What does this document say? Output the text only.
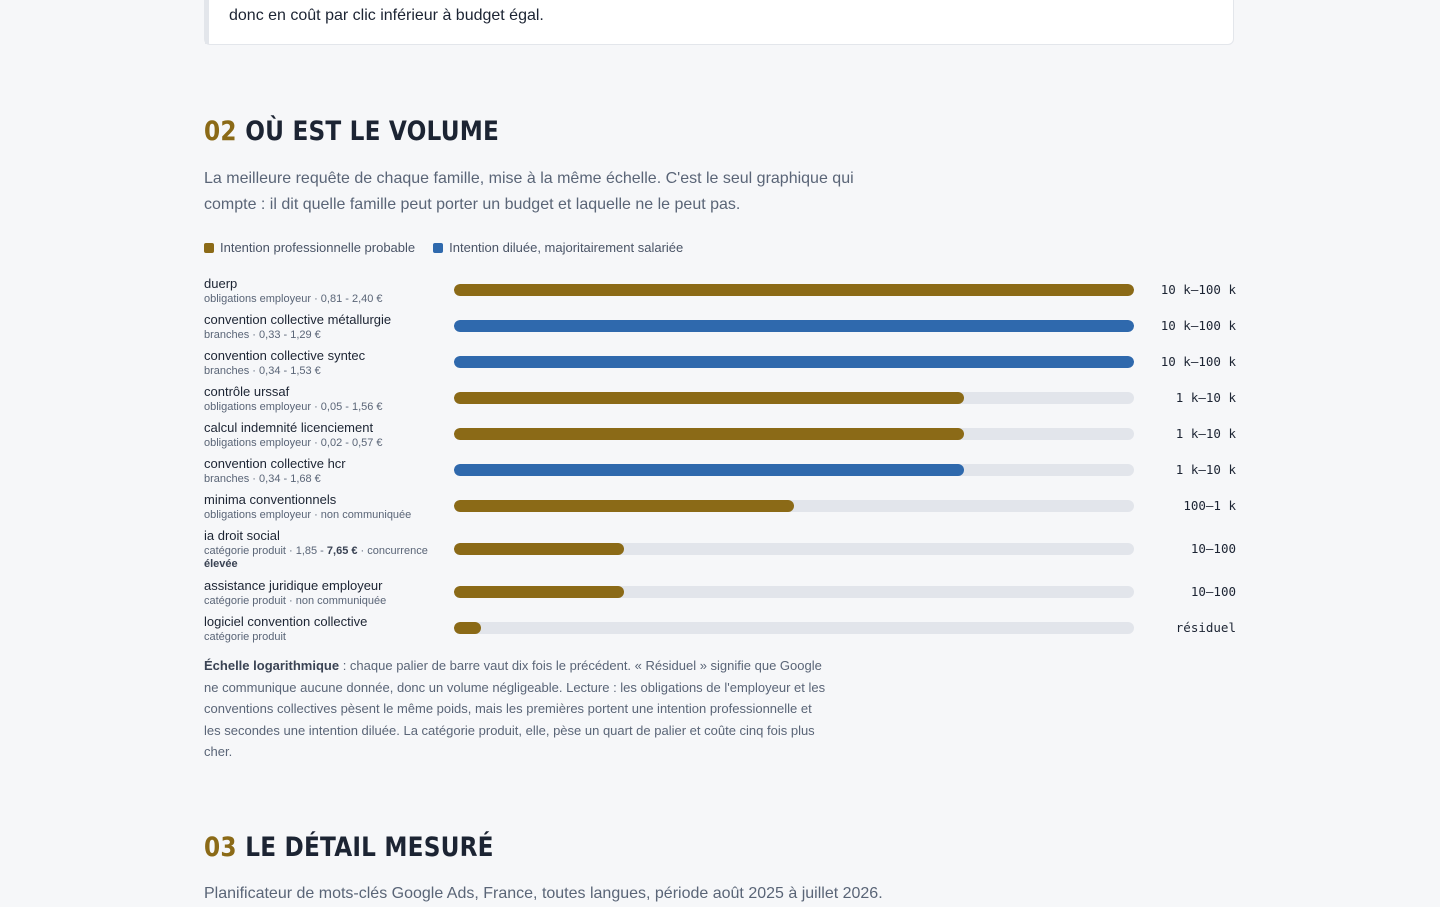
donc en coût par clic inférieur à budget égal.
02 OÙ EST LE VOLUME
La meilleure requête de chaque famille, mise à la même échelle. C'est le seul graphique qui compte : il dit quelle famille peut porter un budget et laquelle ne le peut pas.
Intention professionnelle probable	Intention diluée, majoritairement salariée
duerp
obligations employeur · 0,81 - 2,40 €
10 k–100 k
convention collective métallurgie
branches · 0,33 - 1,29 €
10 k–100 k
convention collective syntec
branches · 0,34 - 1,53 €
10 k–100 k
contrôle urssaf
obligations employeur · 0,05 - 1,56 €
1 k–10 k
calcul indemnité licenciement
obligations employeur · 0,02 - 0,57 €
1 k–10 k
convention collective hcr
branches · 0,34 - 1,68 €
1 k–10 k
minima conventionnels
obligations employeur · non communiquée
100–1 k
ia droit social
catégorie produit · 1,85 - 7,65 € · concurrence élevée
10–100
assistance juridique employeur
catégorie produit · non communiquée
10–100
logiciel convention collective
catégorie produit
résiduel
Échelle logarithmique : chaque palier de barre vaut dix fois le précédent. « Résiduel » signifie que Google ne communique aucune donnée, donc un volume négligeable. Lecture : les obligations de l'employeur et les conventions collectives pèsent le même poids, mais les premières portent une intention professionnelle et les secondes une intention diluée. La catégorie produit, elle, pèse un quart de palier et coûte cinq fois plus cher.
03 LE DÉTAIL MESURÉ
Planificateur de mots-clés Google Ads, France, toutes langues, période août 2025 à juillet 2026.
